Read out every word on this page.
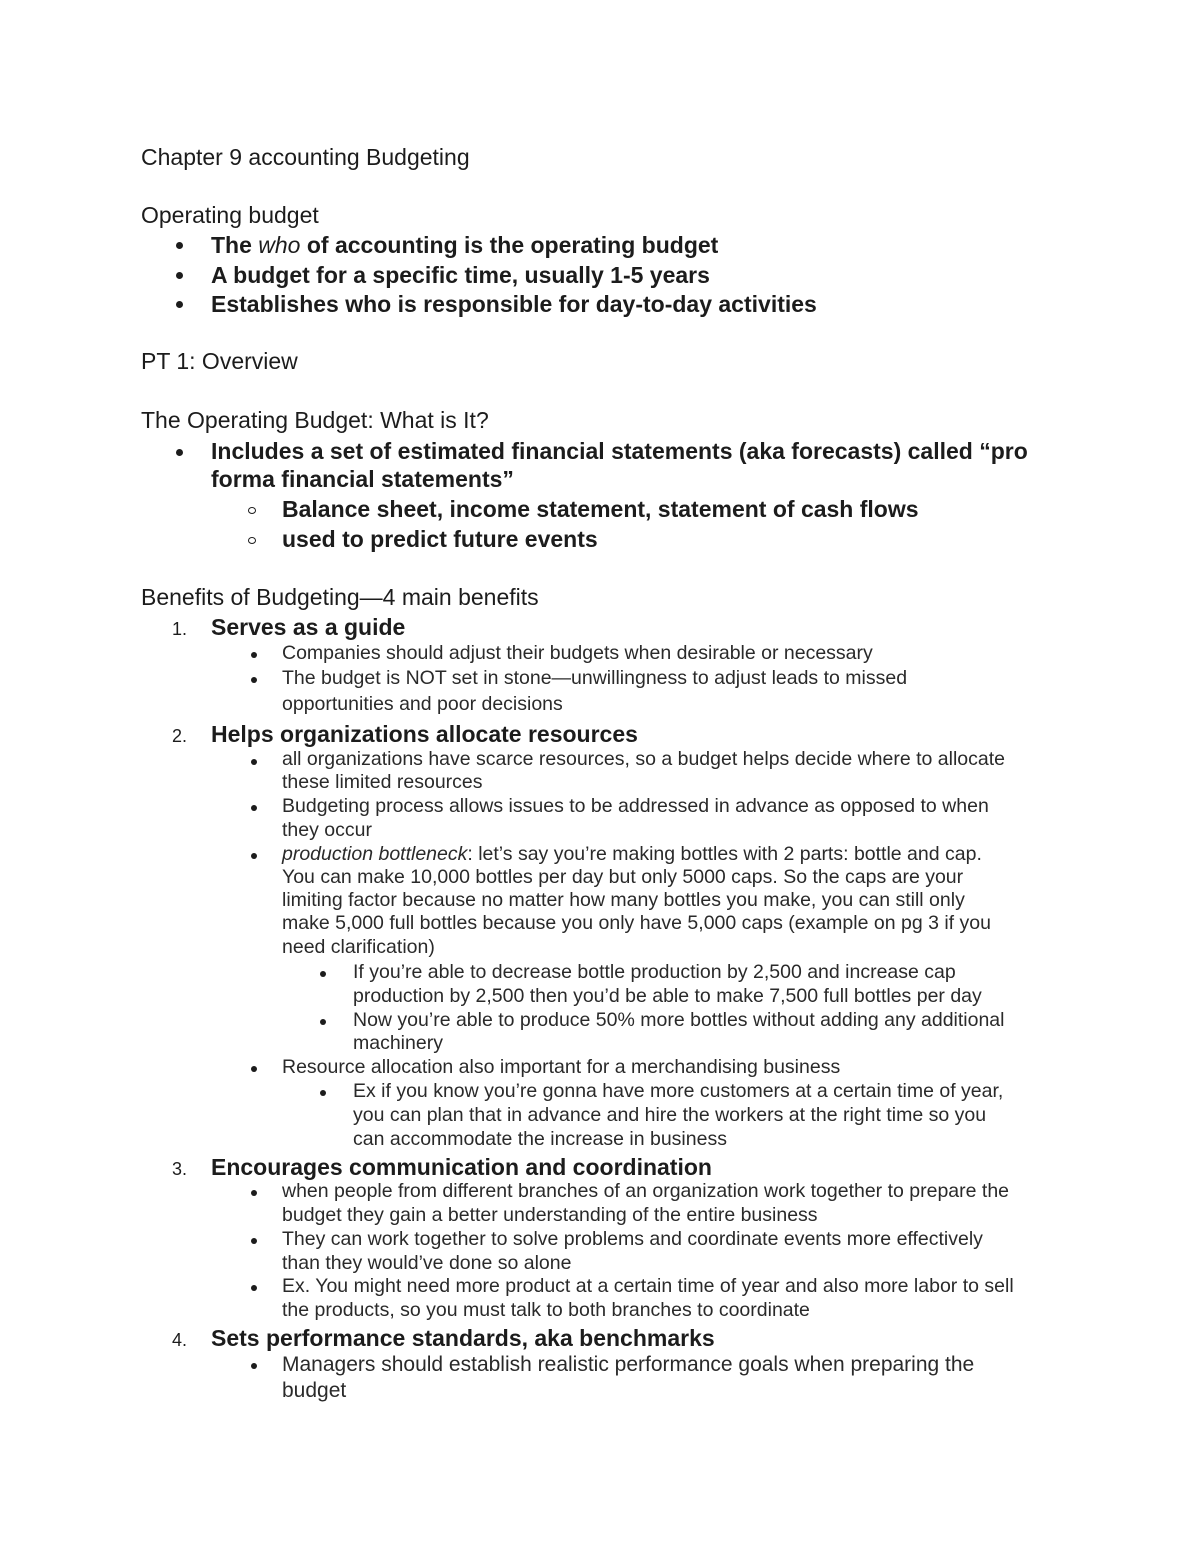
Chapter 9 accounting Budgeting
Operating budget
The who of accounting is the operating budget
A budget for a specific time, usually 1-5 years
Establishes who is responsible for day-to-day activities
PT 1: Overview
The Operating Budget: What is It?
Includes a set of estimated financial statements (aka forecasts) called “pro
forma financial statements”
Balance sheet, income statement, statement of cash flows
used to predict future events
Benefits of Budgeting—4 main benefits
1. Serves as a guide
Companies should adjust their budgets when desirable or necessary
The budget is NOT set in stone—unwillingness to adjust leads to missed
opportunities and poor decisions
2. Helps organizations allocate resources
all organizations have scarce resources, so a budget helps decide where to allocate
these limited resources
Budgeting process allows issues to be addressed in advance as opposed to when
they occur
production bottleneck: let’s say you’re making bottles with 2 parts: bottle and cap.
You can make 10,000 bottles per day but only 5000 caps. So the caps are your
limiting factor because no matter how many bottles you make, you can still only
make 5,000 full bottles because you only have 5,000 caps (example on pg 3 if you
need clarification)
If you’re able to decrease bottle production by 2,500 and increase cap
production by 2,500 then you’d be able to make 7,500 full bottles per day
Now you’re able to produce 50% more bottles without adding any additional
machinery
Resource allocation also important for a merchandising business
Ex if you know you’re gonna have more customers at a certain time of year,
you can plan that in advance and hire the workers at the right time so you
can accommodate the increase in business
3. Encourages communication and coordination
when people from different branches of an organization work together to prepare the
budget they gain a better understanding of the entire business
They can work together to solve problems and coordinate events more effectively
than they would’ve done so alone
Ex. You might need more product at a certain time of year and also more labor to sell
the products, so you must talk to both branches to coordinate
4. Sets performance standards, aka benchmarks
Managers should establish realistic performance goals when preparing the
budget
